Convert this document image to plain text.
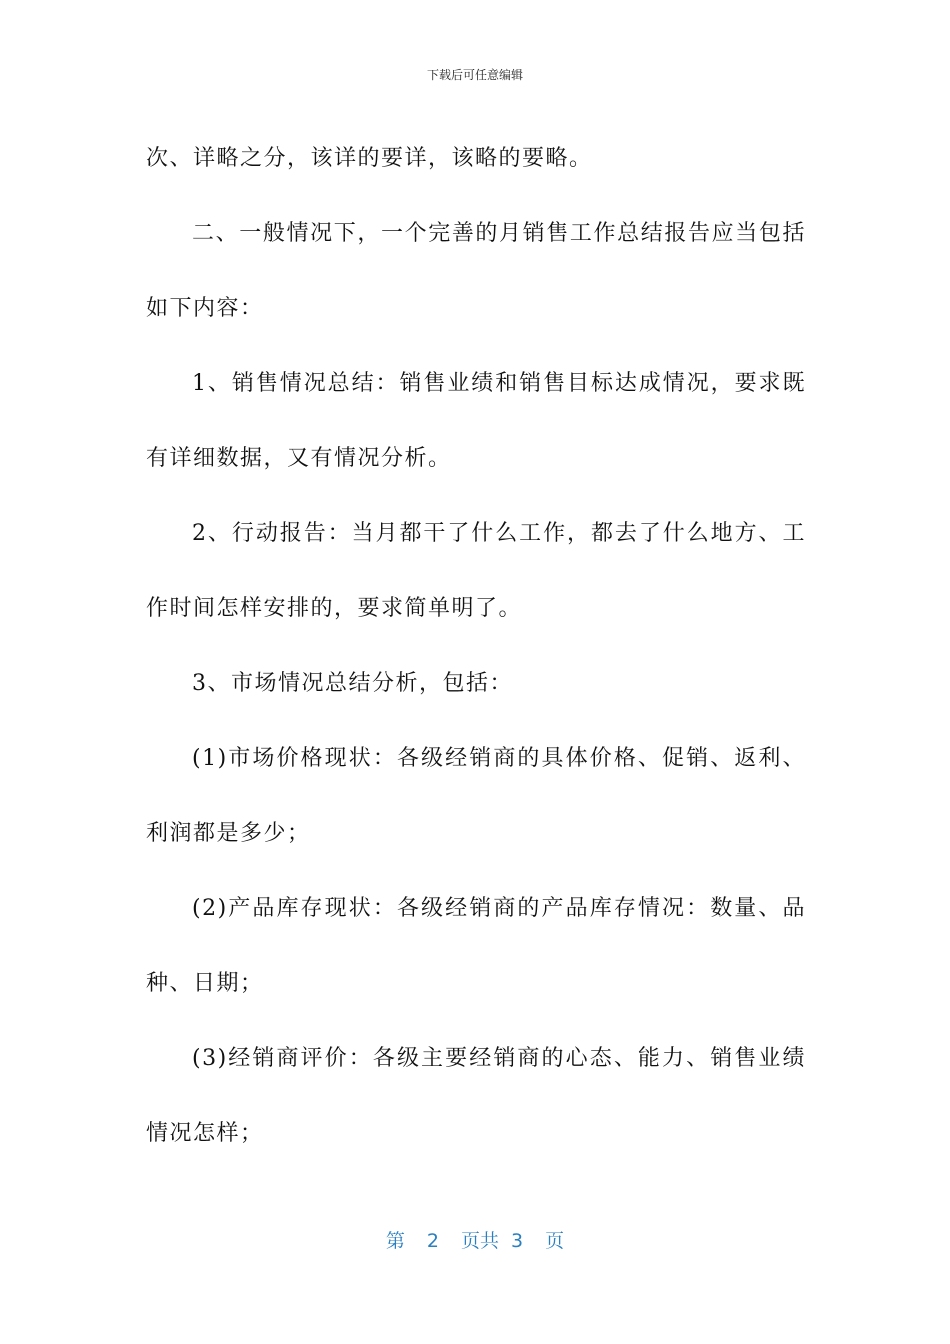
下载后可任意编辑

次、详略之分，该详的要详，该略的要略。

二、一般情况下，一个完善的月销售工作总结报告应当包括如下内容：

1、销售情况总结：销售业绩和销售目标达成情况，要求既有详细数据，又有情况分析。

2、行动报告：当月都干了什么工作，都去了什么地方、工作时间怎样安排的，要求简单明了。

3、市场情况总结分析，包括：

(1)市场价格现状：各级经销商的具体价格、促销、返利、利润都是多少；

(2)产品库存现状：各级经销商的产品库存情况：数量、品种、日期；

(3)经销商评价：各级主要经销商的心态、能力、销售业绩情况怎样；

第 2 页共 3 页
